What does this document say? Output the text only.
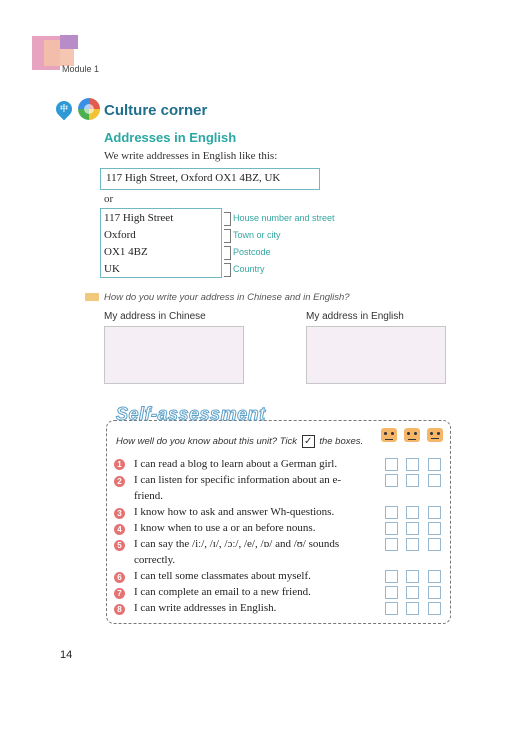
Module 1
中 Culture corner
Addresses in English
We write addresses in English like this:
117 High Street, Oxford OX1 4BZ, UK
or
117 High Street
Oxford
OX1 4BZ
UK
House number and street
Town or city
Postcode
Country
How do you write your address in Chinese and in English?
My address in Chinese	My address in English
Self-assessment
How well do you know about this unit? Tick ✓ the boxes.
1 I can read a blog to learn about a German girl.
2 I can listen for specific information about an e-friend.
3 I know how to ask and answer Wh-questions.
4 I know when to use a or an before nouns.
5 I can say the /iː/, /ɪ/, /ɔː/, /e/, /ɒ/ and /ʊ/ sounds correctly.
6 I can tell some classmates about myself.
7 I can complete an email to a new friend.
8 I can write addresses in English.
14
